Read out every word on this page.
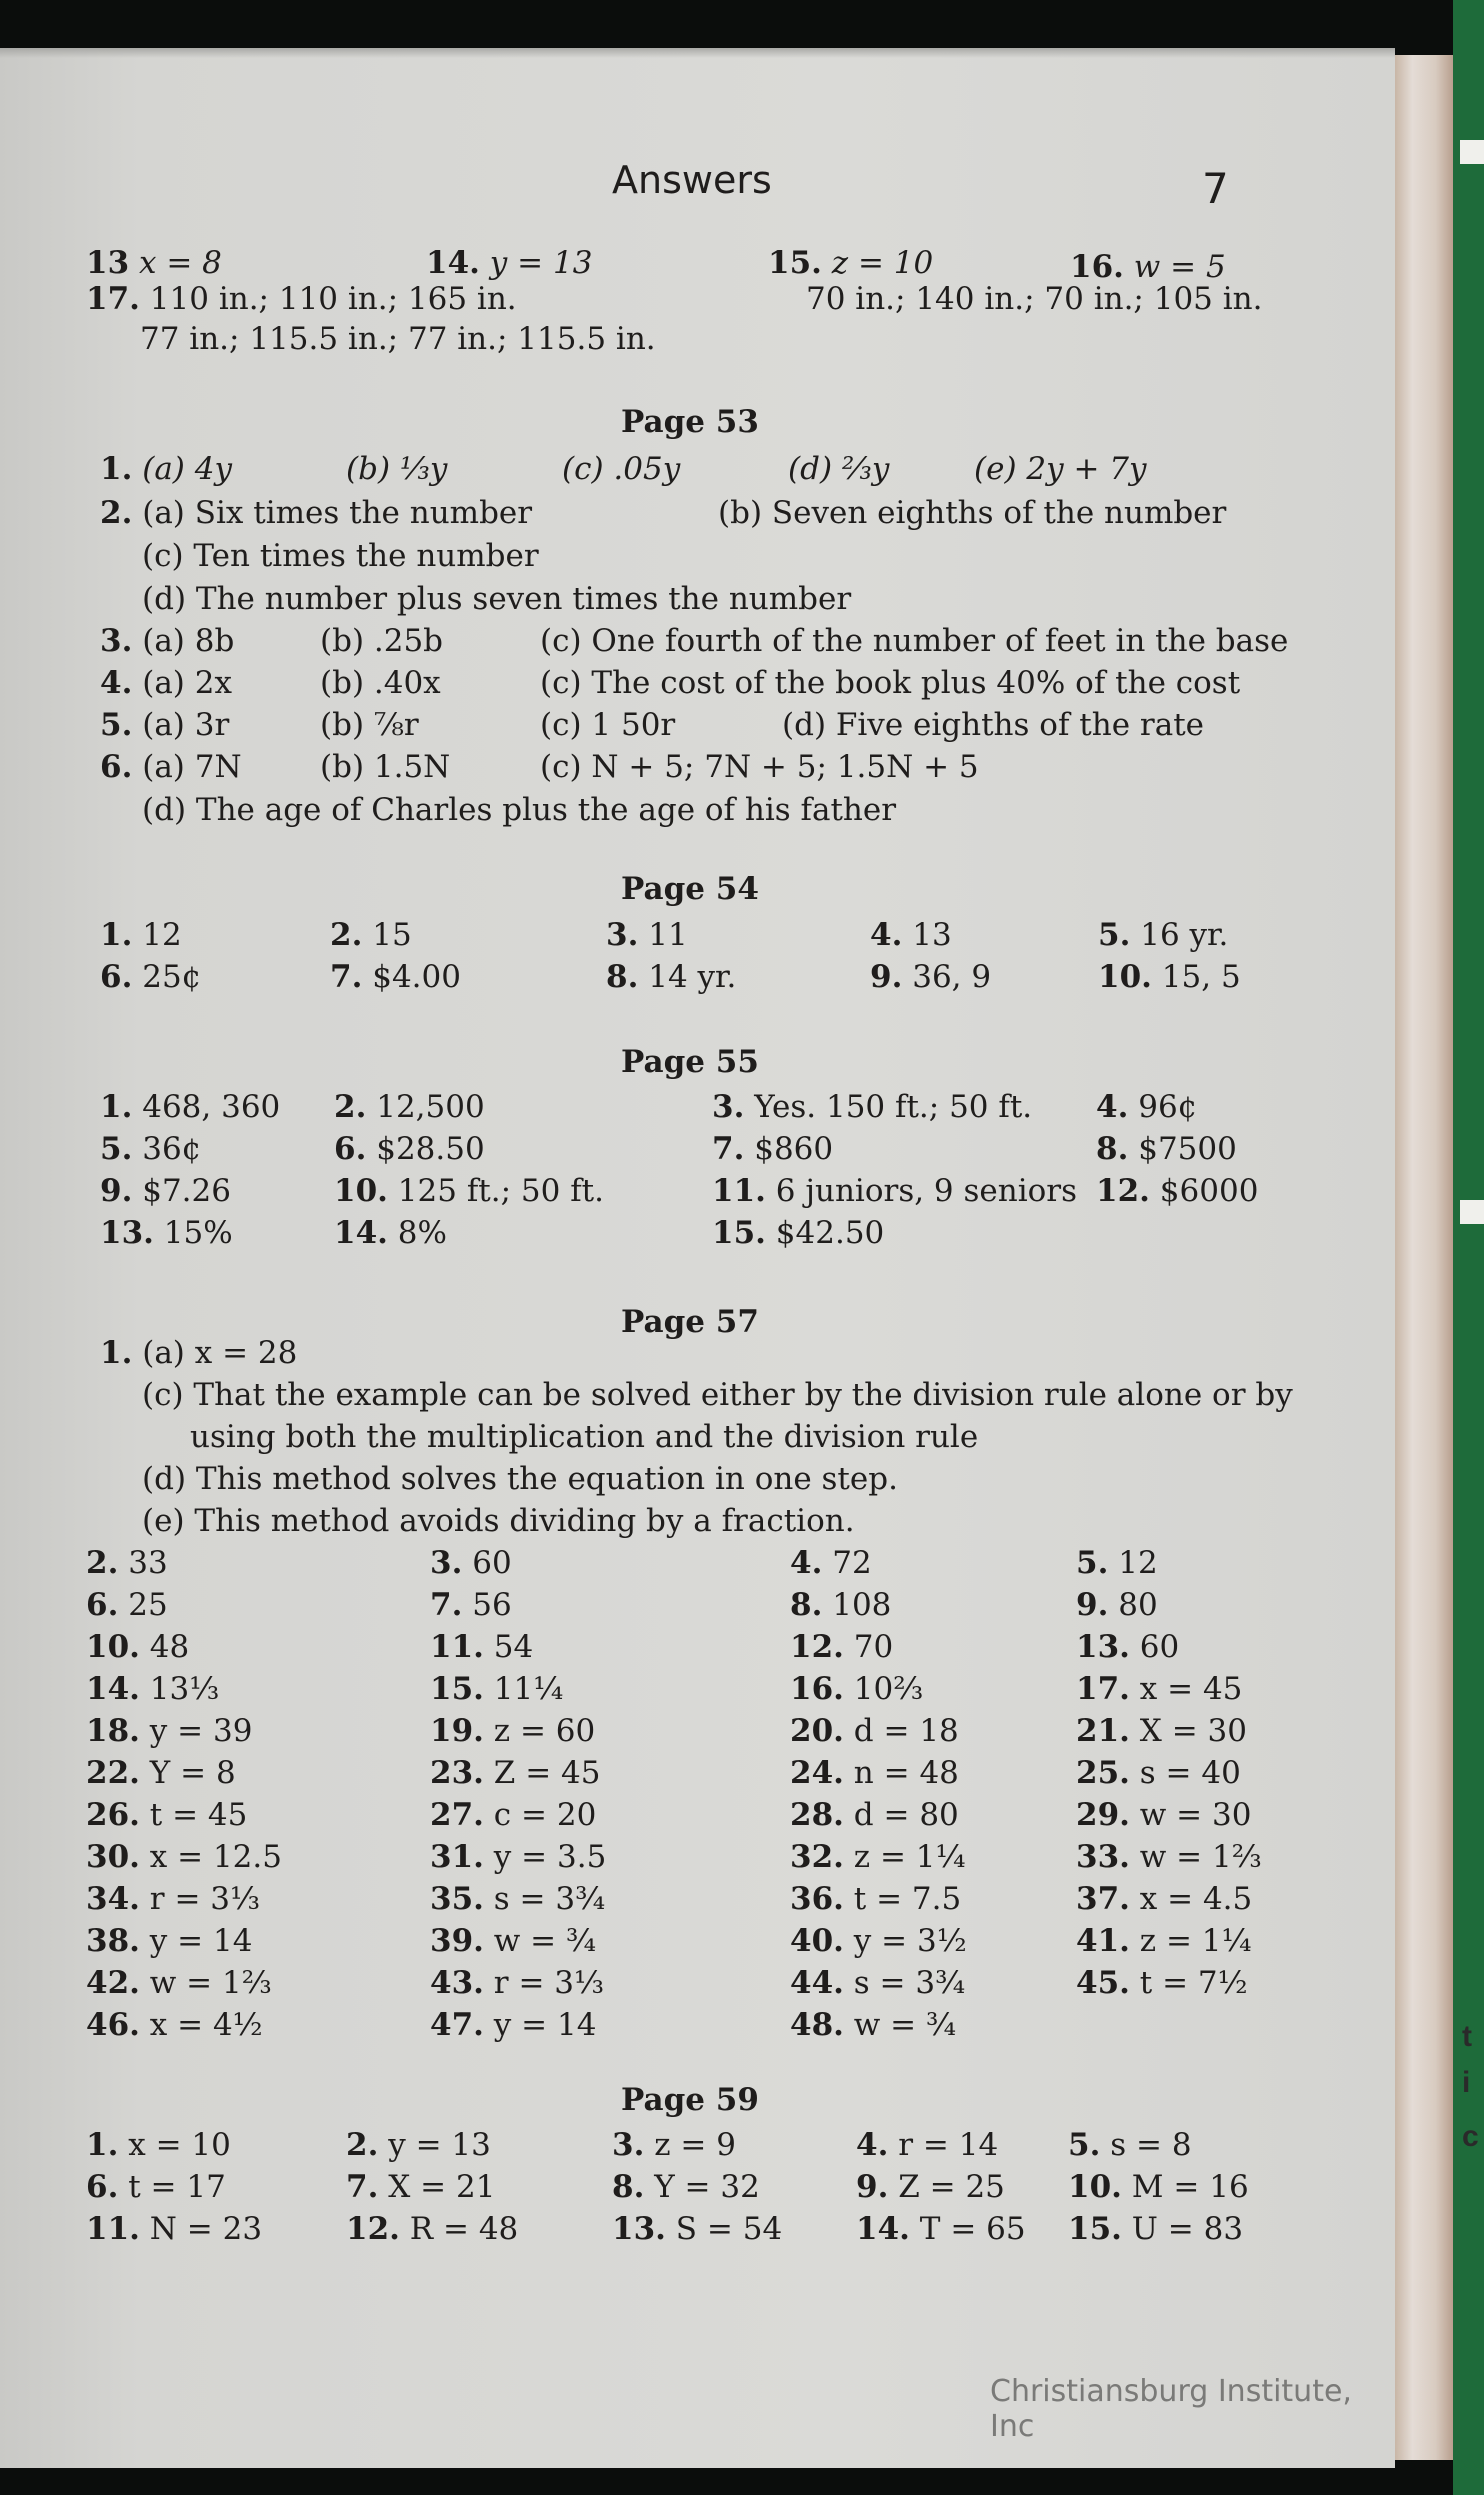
Answers	7
13 x = 8	14. y = 13	15. z = 10	16. w = 5
17. 110 in.; 110 in.; 165 in.	70 in.; 140 in.; 70 in.; 105 in.
77 in.; 115.5 in.; 77 in.; 115.5 in.
Page 53
1. (a) 4y	(b) ⅓y	(c) .05y	(d) ⅔y	(e) 2y + 7y
2. (a) Six times the number	(b) Seven eighths of the number
(c) Ten times the number
(d) The number plus seven times the number
3. (a) 8b	(b) .25b	(c) One fourth of the number of feet in the base
4. (a) 2x	(b) .40x	(c) The cost of the book plus 40% of the cost
5. (a) 3r	(b) ⅞r	(c) 1 50r	(d) Five eighths of the rate
6. (a) 7N	(b) 1.5N	(c) N + 5; 7N + 5; 1.5N + 5
(d) The age of Charles plus the age of his father
Page 54
1. 12	2. 15	3. 11	4. 13	5. 16 yr.
6. 25¢	7. $4.00	8. 14 yr.	9. 36, 9	10. 15, 5
Page 55
1. 468, 360 2. 12,500	3. Yes. 150 ft.; 50 ft. 4. 96¢
5. 36¢	6. $28.50	7. $860	8. $7500
9. $7.26	10. 125 ft.; 50 ft.	11. 6 juniors, 9 seniors 12. $6000
13. 15%	14. 8%	15. $42.50
Page 57
1. (a) x = 28
(c) That the example can be solved either by the division rule alone or by
using both the multiplication and the division rule
(d) This method solves the equation in one step.
(e) This method avoids dividing by a fraction.
2. 33	3. 60	4. 72	5. 12
6. 25	7. 56	8. 108	9. 80
10. 48	11. 54	12. 70	13. 60
14. 13⅓	15. 11¼	16. 10⅔	17. x = 45
18. y = 39	19. z = 60	20. d = 18	21. X = 30
22. Y = 8	23. Z = 45	24. n = 48	25. s = 40
26. t = 45	27. c = 20	28. d = 80	29. w = 30
30. x = 12.5	31. y = 3.5	32. z = 1¼	33. w = 1⅔
34. r = 3⅓	35. s = 3¾	36. t = 7.5	37. x = 4.5
38. y = 14	39. w = ¾	40. y = 3½	41. z = 1¼
42. w = 1⅔	43. r = 3⅓	44. s = 3¾	45. t = 7½
46. x = 4½	47. y = 14	48. w = ¾
Page 59
1. x = 10	2. y = 13	3. z = 9	4. r = 14 5. s = 8
6. t = 17	7. X = 21	8. Y = 32	9. Z = 25 10. M = 16
11. N = 23	12. R = 48	13. S = 54 14. T = 65 15. U = 83
Christiansburg Institute, Inc
t
i
c
